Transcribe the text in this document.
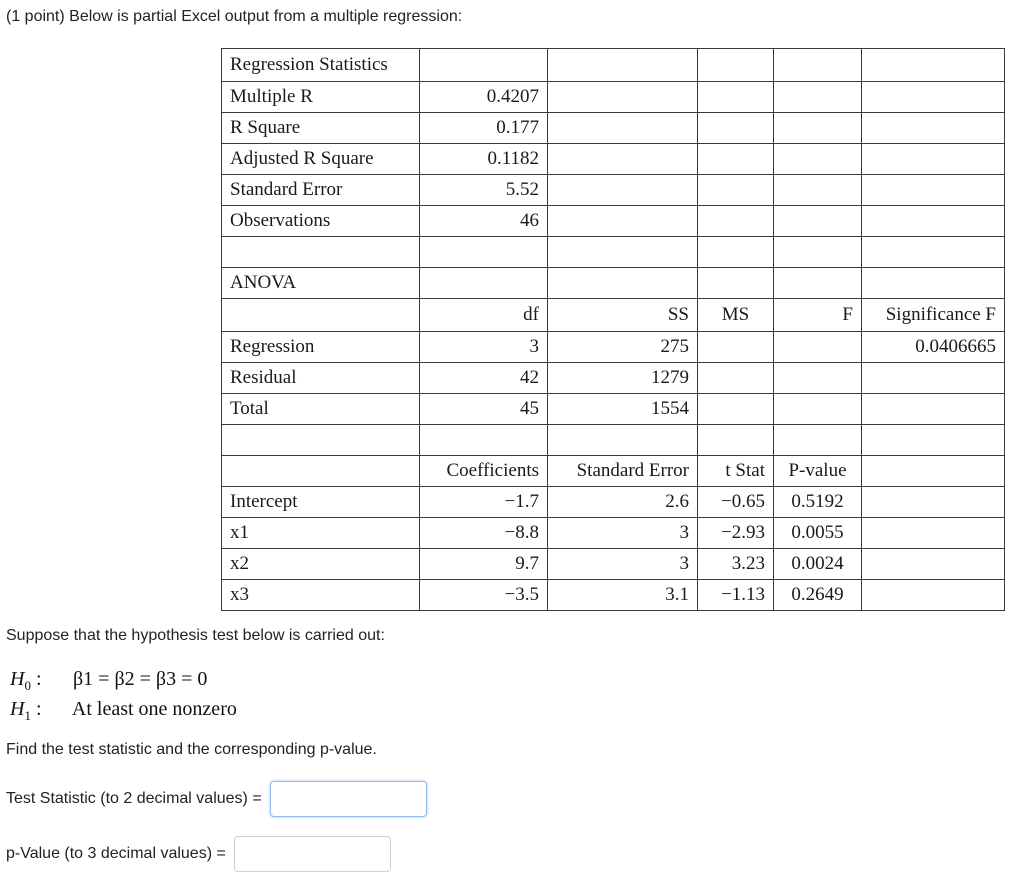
(1 point) Below is partial Excel output from a multiple regression:
Regression Statistics					
Multiple R	0.4207				
R Square	0.177				
Adjusted R Square	0.1182				
Standard Error	5.52				
Observations	46				

ANOVA					
	df	SS	MS	F	Significance F
Regression	3	275			0.0406665
Residual	42	1279			
Total	45	1554			

	Coefficients	Standard Error	t Stat	P-value	
Intercept	−1.7	2.6	−0.65	0.5192	
x1	−8.8	3	−2.93	0.0055	
x2	9.7	3	3.23	0.0024	
x3	−3.5	3.1	−1.13	0.2649	
Suppose that the hypothesis test below is carried out:
$H_0$ : β1 = β2 = β3 = 0
$H_1$ : At least one nonzero
Find the test statistic and the corresponding p-value.
Test Statistic (to 2 decimal values) =
p-Value (to 3 decimal values) =
